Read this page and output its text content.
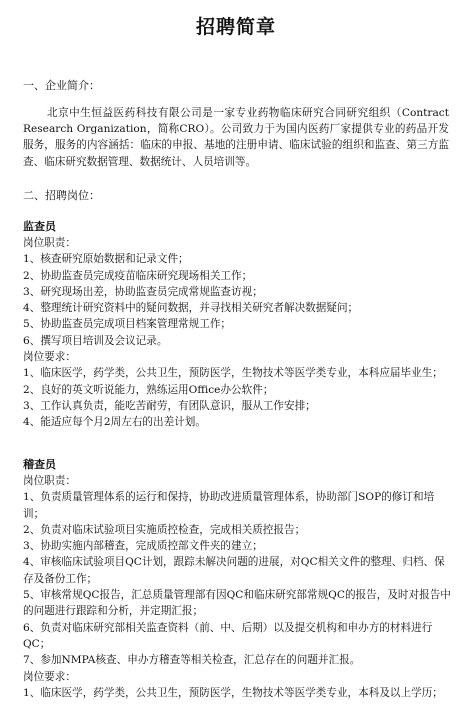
招聘简章
一、企业简介：
北京中生恒益医药科技有限公司是一家专业药物临床研究合同研究组织（Contract Research Organization，简称CRO）。公司致力于为国内医药厂家提供专业的药品开发服务，服务的内容涵括：临床的申报、基地的注册申请、临床试验的组织和监查、第三方监查、临床研究数据管理、数据统计、人员培训等。
二、招聘岗位：
监查员
岗位职责：
1、核查研究原始数据和记录文件；
2、协助监查员完成疫苗临床研究现场相关工作；
3、研究现场出差，协助监查员完成常规监查访视；
4、整理统计研究资料中的疑问数据，并寻找相关研究者解决数据疑问；
5、协助监查员完成项目档案管理常规工作；
6、撰写项目培训及会议记录。
岗位要求：
1、临床医学，药学类，公共卫生，预防医学，生物技术等医学类专业，本科应届毕业生；
2、良好的英文听说能力，熟练运用Office办公软件；
3、工作认真负责，能吃苦耐劳，有团队意识，服从工作安排；
4、能适应每个月2周左右的出差计划。
稽查员
岗位职责：
1、负责质量管理体系的运行和保持，协助改进质量管理体系，协助部门SOP的修订和培训；
2、负责对临床试验项目实施质控检查，完成相关质控报告；
3、协助实施内部稽查，完成质控部文件夹的建立；
4、审核临床试验项目QC计划，跟踪未解决问题的进展，对QC相关文件的整理、归档、保存及备份工作；
5、审核常规QC报告，汇总质量管理部有因QC和临床研究部常规QC的报告，及时对报告中的问题进行跟踪和分析，并定期汇报；
6、负责对临床研究部相关监查资料（前、中、后期）以及提交机构和申办方的材料进行QC；
7、参加NMPA核查、申办方稽查等相关检查，汇总存在的问题并汇报。
岗位要求：
1、临床医学，药学类，公共卫生，预防医学，生物技术等医学类专业，本科及以上学历；
